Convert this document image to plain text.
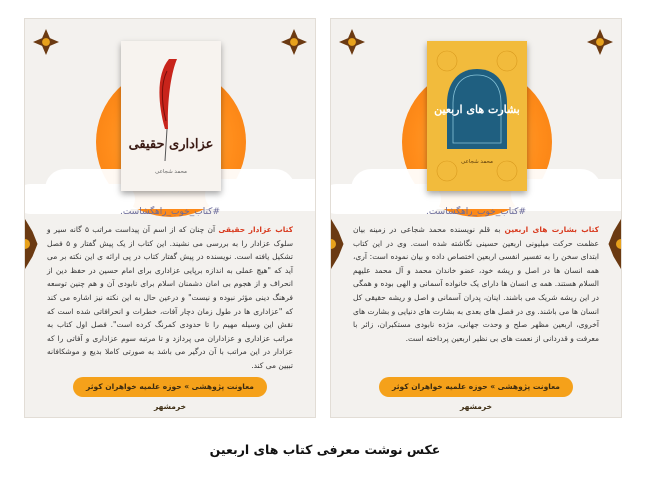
عزاداری حقیقی
محمد شجاعی
#کتاب_خوب_راهگشاست.
کتاب عزادار حقیقی آن چنان که از اسم آن پیداست مراتب ۵ گانه سیر و سلوک عزادار را به بررسی می نشیند. این کتاب از یک پیش گفتار و ۵ فصل تشکیل یافته است. نویسنده در پیش گفتار کتاب در پی ارائه ی این نکته بر می آید که "هیچ عملی به اندازه برپایی عزاداری برای امام حسین در حفظ دین از انحراف و از هجوم بی امان دشمنان اسلام برای نابودی آن و هم چنین توسعه فرهنگ دینی مؤثر نبوده و نیست" و درعین حال به این نکته نیز اشاره می کند که "عزاداری ها در طول زمان دچار آفات، خطرات و انحرافاتی شده است که نقش این وسیله مهیم را تا حدودی کمرنگ کرده است". فصل اول کتاب به مراتب عزاداری و عزاداران می پردازد و تا مرتبه سوم عزاداری و آفاتی را که عزادار در این مراتب با آن درگیر می باشد به صورتی کاملا بدیع و موشکافانه تبیین می کند.
معاونت پژوهشی » حوزه علمیه خواهران کوثر خرمشهر
بشارت های اربعین
محمد شجاعی
#کتاب_خوب_راهگشاست.
کتاب بشارت های اربعین به قلم نویسنده محمد شجاعی در زمینه بیان عظمت حرکت میلیونی اربعین حسینی نگاشته شده است. وی در این کتاب ابتدای سخن را به تفسیر انفسی اربعین اختصاص داده و بیان نموده است: آری، همه انسان ها در اصل و ریشه خود، عضو خاندان محمد و آل محمد علیهم السلام هستند. همه ی انسان ها دارای یک خانواده آسمانی و الهی بوده و همگی در این ریشه شریک می باشند. اینان، پدران آسمانی و اصل و ریشه حقیقی کل انسان ها می باشند. وی در فصل های بعدی به بشارت های دنیایی و بشارت های آخروی، اربعین مظهر صلح و وحدت جهانی، مژده نابودی مستکبران، زائر با معرفت و قدردانی از نعمت های بی نظیر اربعین پرداخته است.
معاونت پژوهشی » حوزه علمیه خواهران کوثر خرمشهر
عکس نوشت معرفی کتاب های اربعین
